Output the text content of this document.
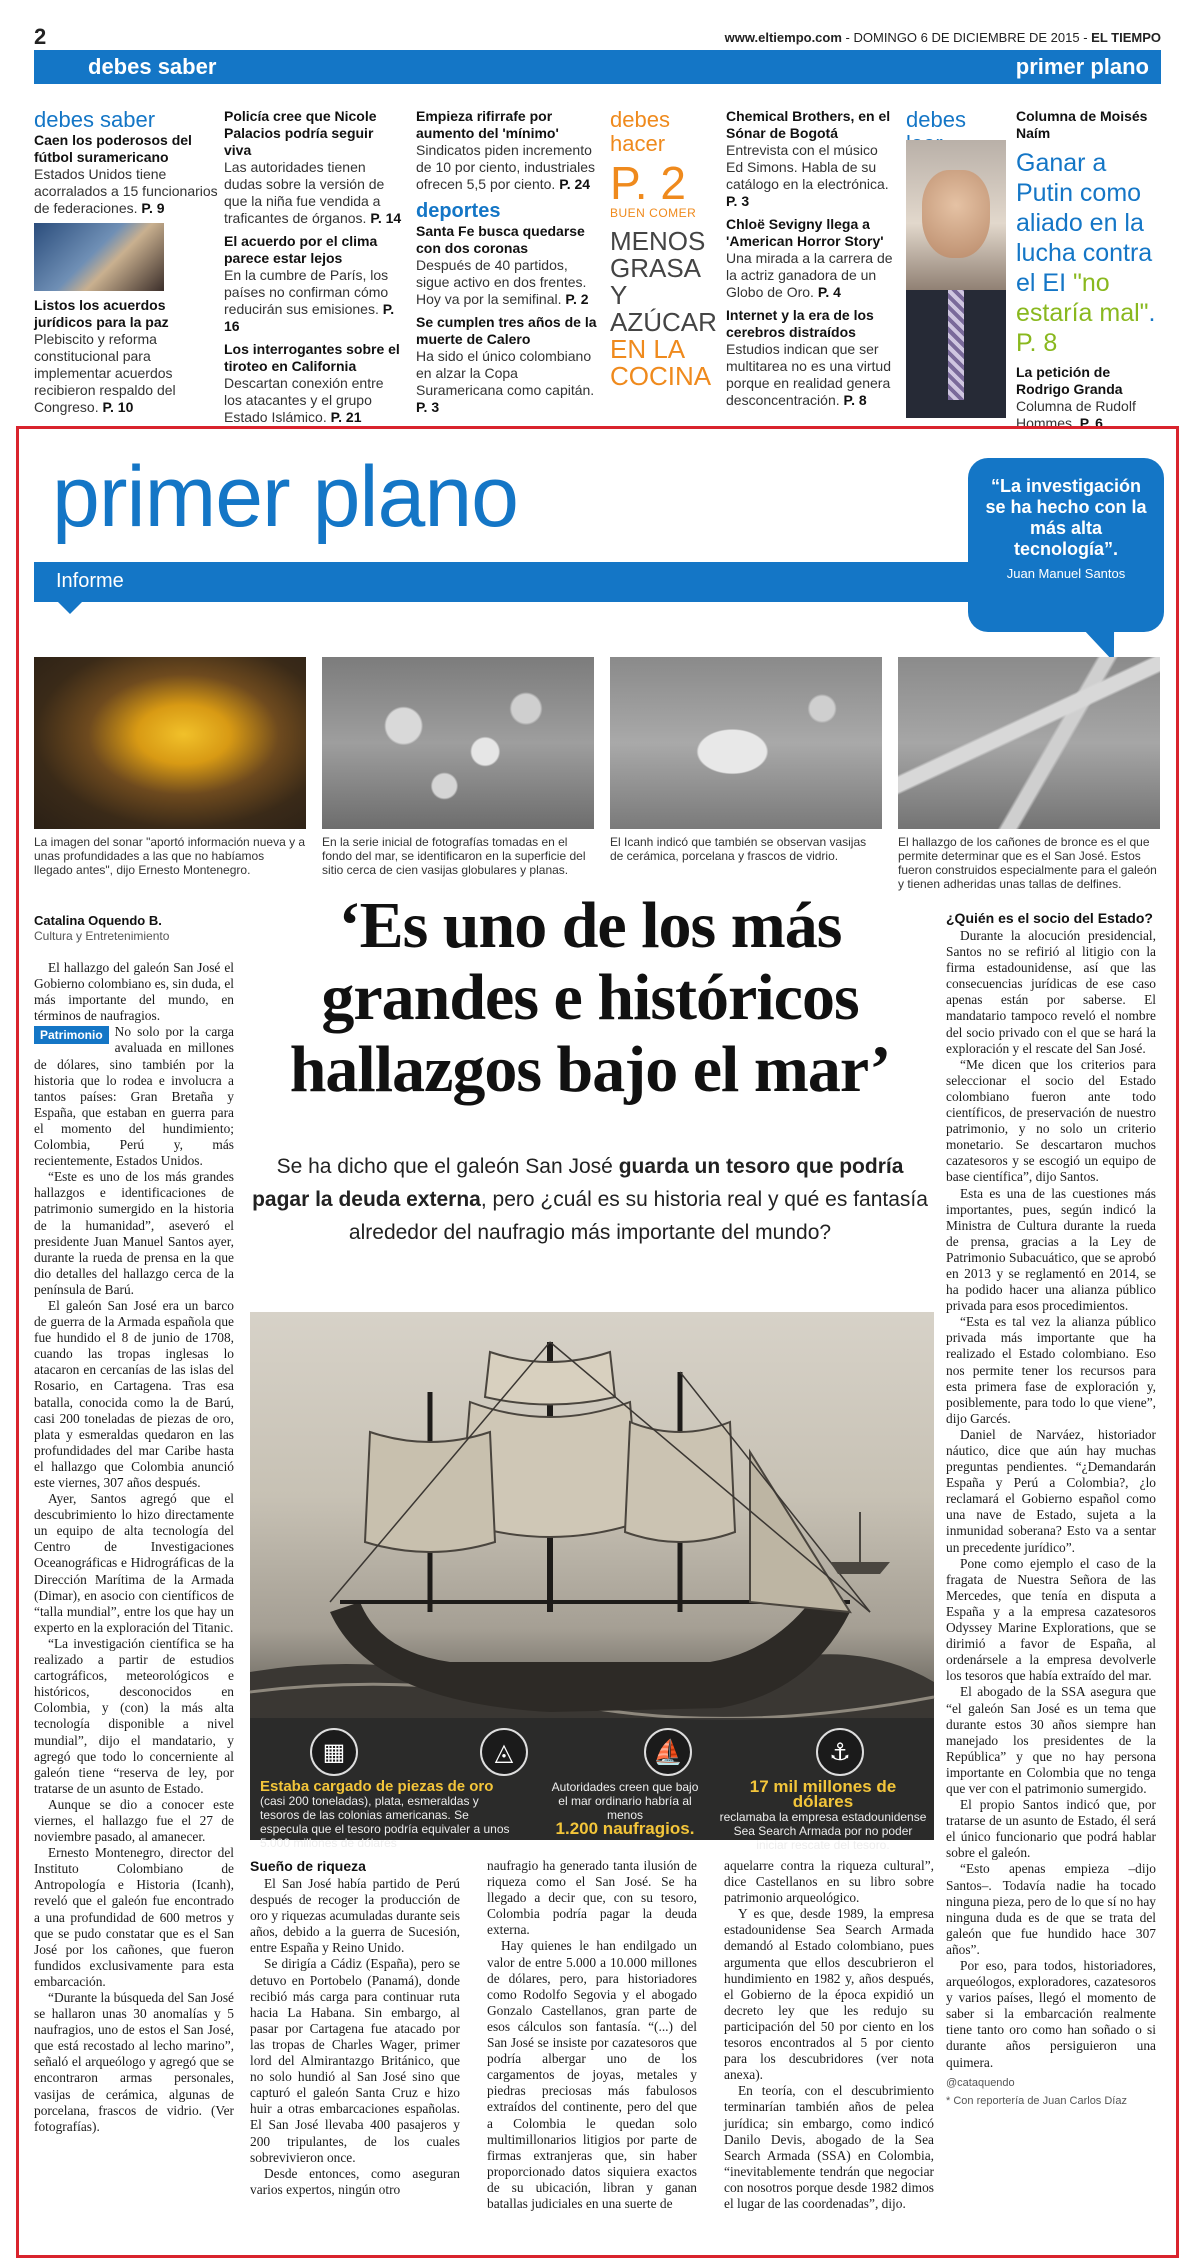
2	www.eltiempo.com - DOMINGO 6 DE DICIEMBRE DE 2015 - EL TIEMPO
debes saber	primer plano
debes saber
Caen los poderosos del fútbol suramericano
Estados Unidos tiene acorralados a 15 funcionarios de federaciones. P. 9
Listos los acuerdos jurídicos para la paz
Plebiscito y reforma constitucional para implementar acuerdos recibieron respaldo del Congreso. P. 10
Policía cree que Nicole Palacios podría seguir viva
Las autoridades tienen dudas sobre la versión de que la niña fue vendida a traficantes de órganos. P. 14
El acuerdo por el clima parece estar lejos
En la cumbre de París, los países no confirman cómo reducirán sus emisiones. P. 16
Los interrogantes sobre el tiroteo en California
Descartan conexión entre los atacantes y el grupo Estado Islámico. P. 21
Empieza rifirrafe por aumento del 'mínimo'
Sindicatos piden incremento de 10 por ciento, industriales ofrecen 5,5 por ciento. P. 24
deportes
Santa Fe busca quedarse con dos coronas
Después de 40 partidos, sigue activo en dos frentes. Hoy va por la semifinal. P. 2
Se cumplen tres años de la muerte de Calero
Ha sido el único colombiano en alzar la Copa Suramericana como capitán. P. 3
debes hacer
P. 2
BUEN COMER
MENOS
GRASA Y
AZÚCAR
EN LA
COCINA
Chemical Brothers, en el Sónar de Bogotá
Entrevista con el músico Ed Simons. Habla de su catálogo en la electrónica. P. 3
Chloë Sevigny llega a 'American Horror Story'
Una mirada a la carrera de la actriz ganadora de un Globo de Oro. P. 4
Internet y la era de los cerebros distraídos
Estudios indican que ser multitarea no es una virtud porque en realidad genera desconcentración. P. 8
debes	Columna de Moisés Naím
Ganar a Putin como aliado en la lucha contra el EI "no estaría mal". P. 8
La petición de Rodrigo Granda
Columna de Rudolf Hommes. P. 6
primer plano
Informe
“La investigación se ha hecho con la más alta tecnología”.
Juan Manuel Santos
La imagen del sonar "aportó información nueva y a unas profundidades a las que no habíamos llegado antes", dijo Ernesto Montenegro.
En la serie inicial de fotografías tomadas en el fondo del mar, se identificaron en la superficie del sitio cerca de cien vasijas globulares y planas.
El Icanh indicó que también se observan vasijas de cerámica, porcelana y frascos de vidrio.
El hallazgo de los cañones de bronce es el que permite determinar que es el San José. Estos fueron construidos especialmente para el galeón y tienen adheridas unas tallas de delfines.
Catalina Oquendo B.
Cultura y Entretenimiento	‘Es uno de los más grandes e históricos hallazgos bajo el mar’
Se ha dicho que el galeón San José guarda un tesoro que podría pagar la deuda externa, pero ¿cuál es su historia real y qué es fantasía alrededor del naufragio más importante del mundo?

El hallazgo del galeón San José el Gobierno colombiano es, sin duda, el más importante del mundo, en términos de naufragios.

Patrimonio No solo por la carga avaluada en millones de dólares, sino también por la historia que lo rodea e involucra a tantos países: Gran Bretaña y España, que estaban en guerra para el momento del hundimiento; Colombia, Perú y, más recientemente, Estados Unidos.

“Este es uno de los más grandes hallazgos e identificaciones de patrimonio sumergido en la historia de la humanidad”, aseveró el presidente Juan Manuel Santos ayer, durante la rueda de prensa en la que dio detalles del hallazgo cerca de la península de Barú.

El galeón San José era un barco de guerra de la Armada española que fue hundido el 8 de junio de 1708, cuando las tropas inglesas lo atacaron en cercanías de las islas del Rosario, en Cartagena. Tras esa batalla, conocida como la de Barú, casi 200 toneladas de piezas de oro, plata y esmeraldas quedaron en las profundidades del mar Caribe hasta el hallazgo que Colombia anunció este viernes, 307 años después.

Ayer, Santos agregó que el descubrimiento lo hizo directamente un equipo de alta tecnología del Centro de Investigaciones Oceanográficas e Hidrográficas de la Dirección Marítima de la Armada (Dimar), en asocio con científicos de “talla mundial”, entre los que hay un experto en la exploración del Titanic.

“La investigación científica se ha realizado a partir de estudios cartográficos, meteorológicos e históricos, desconocidos en Colombia, y (con) la más alta tecnología disponible a nivel mundial”, dijo el mandatario, y agregó que todo lo concerniente al galeón tiene “reserva de ley, por tratarse de un asunto de Estado.

Aunque se dio a conocer este viernes, el hallazgo fue el 27 de noviembre pasado, al amanecer.

Ernesto Montenegro, director del Instituto Colombiano de Antropología e Historia (Icanh), reveló que el galeón fue encontrado a una profundidad de 600 metros y que se pudo constatar que es el San José por los cañones, que fueron fundidos exclusivamente para esta embarcación.

“Durante la búsqueda del San José se hallaron unas 30 anomalías y 5 naufragios, uno de estos el San José, que está recostado al lecho marino”, señaló el arqueólogo y agregó que se encontraron armas personales, vasijas de cerámica, algunas de porcelana, frascos de vidrio. (Ver fotografías).

¿Quién es el socio del Estado?

Durante la alocución presidencial, Santos no se refirió al litigio con la firma estadounidense, así que las consecuencias jurídicas de ese caso apenas están por saberse. El mandatario tampoco reveló el nombre del socio privado con el que se hará la exploración y el rescate del San José.

“Me dicen que los criterios para seleccionar el socio del Estado colombiano fueron ante todo científicos, de preservación de nuestro patrimonio, y no solo un criterio monetario. Se descartaron muchos cazatesoros y se escogió un equipo de base científica”, dijo Santos.

Esta es una de las cuestiones más importantes, pues, según indicó la Ministra de Cultura durante la rueda de prensa, gracias a la Ley de Patrimonio Subacuático, que se aprobó en 2013 y se reglamentó en 2014, se ha podido hacer una alianza público privada para esos procedimientos.

“Esta es tal vez la alianza público privada más importante que ha realizado el Estado colombiano. Eso nos permite tener los recursos para esta primera fase de exploración y, posiblemente, para todo lo que viene”, dijo Garcés.

Daniel de Narváez, historiador náutico, dice que aún hay muchas preguntas pendientes. “¿Demandarán España y Perú a Colombia?, ¿lo reclamará el Gobierno español como una nave de Estado, sujeta a la inmunidad soberana? Esto va a sentar un precedente jurídico”.

Pone como ejemplo el caso de la fragata de Nuestra Señora de las Mercedes, que tenía en disputa a España y a la empresa cazatesoros Odyssey Marine Explorations, que se dirimió a favor de España, al ordenársele a la empresa devolverle los tesoros que había extraído del mar.

El abogado de la SSA asegura que “el galeón San José es un tema que durante estos 30 años siempre han manejado los presidentes de la República” y que no hay persona importante en Colombia que no tenga que ver con el patrimonio sumergido.

El propio Santos indicó que, por tratarse de un asunto de Estado, él será el único funcionario que podrá hablar sobre el galeón.

“Esto apenas empieza –dijo Santos–. Todavía nadie ha tocado ninguna pieza, pero de lo que sí no hay ninguna duda es de que se trata del galeón que fue hundido hace 307 años”.

Por eso, para todos, historiadores, arqueólogos, exploradores, cazatesoros y varios países, llegó el momento de saber si la embarcación realmente tiene tanto oro como han soñado o si durante años persiguieron una quimera.

@cataquendo

* Con reportería de Juan Carlos Díaz

▦	◬	⛵	⚓
Estaba cargado de piezas de oro (casi 200 toneladas), plata, esmeraldas y tesoros de las colonias americanas. Se especula que el tesoro podría equivaler a unos 5.000 millones de dólares
Autoridades creen que bajo el mar ordinario habría al menos
1.200 naufragios.
17 mil millones de dólares
reclamaba la empresa estadounidense Sea Search Armada por no poder iniciar rescate del tesoro.

Sueño de riqueza

El San José había partido de Perú después de recoger la producción de oro y riquezas acumuladas durante seis años, debido a la guerra de Sucesión, entre España y Reino Unido.

Se dirigía a Cádiz (España), pero se detuvo en Portobelo (Panamá), donde recibió más carga para continuar ruta hacia La Habana. Sin embargo, al pasar por Cartagena fue atacado por las tropas de Charles Wager, primer lord del Almirantazgo Británico, que no solo hundió al San José sino que capturó el galeón Santa Cruz e hizo huir a otras embarcaciones españolas. El San José llevaba 400 pasajeros y 200 tripulantes, de los cuales sobrevivieron once.

Desde entonces, como aseguran varios expertos, ningún otro

naufragio ha generado tanta ilusión de riqueza como el San José. Se ha llegado a decir que, con su tesoro, Colombia podría pagar la deuda externa.

Hay quienes le han endilgado un valor de entre 5.000 a 10.000 millones de dólares, pero, para historiadores como Rodolfo Segovia y el abogado Gonzalo Castellanos, gran parte de esos cálculos son fantasía. “(...) del San José se insiste por cazatesoros que podría albergar uno de los cargamentos de joyas, metales y piedras preciosas más fabulosos extraídos del continente, pero del que a Colombia le quedan solo multimillonarios litigios por parte de firmas extranjeras que, sin haber proporcionado datos siquiera exactos de su ubicación, libran y ganan batallas judiciales en una suerte de

aquelarre contra la riqueza cultural”, dice Castellanos en su libro sobre patrimonio arqueológico.

Y es que, desde 1989, la empresa estadounidense Sea Search Armada demandó al Estado colombiano, pues argumenta que ellos descubrieron el hundimiento en 1982 y, años después, el Gobierno de la época expidió un decreto ley que les redujo su participación del 50 por ciento en los tesoros encontrados al 5 por ciento para los descubridores (ver nota anexa).

En teoría, con el descubrimiento terminarían también años de pelea jurídica; sin embargo, como indicó Danilo Devis, abogado de la Sea Search Armada (SSA) en Colombia, “inevitablemente tendrán que negociar con nosotros porque desde 1982 dimos el lugar de las coordenadas”, dijo.
